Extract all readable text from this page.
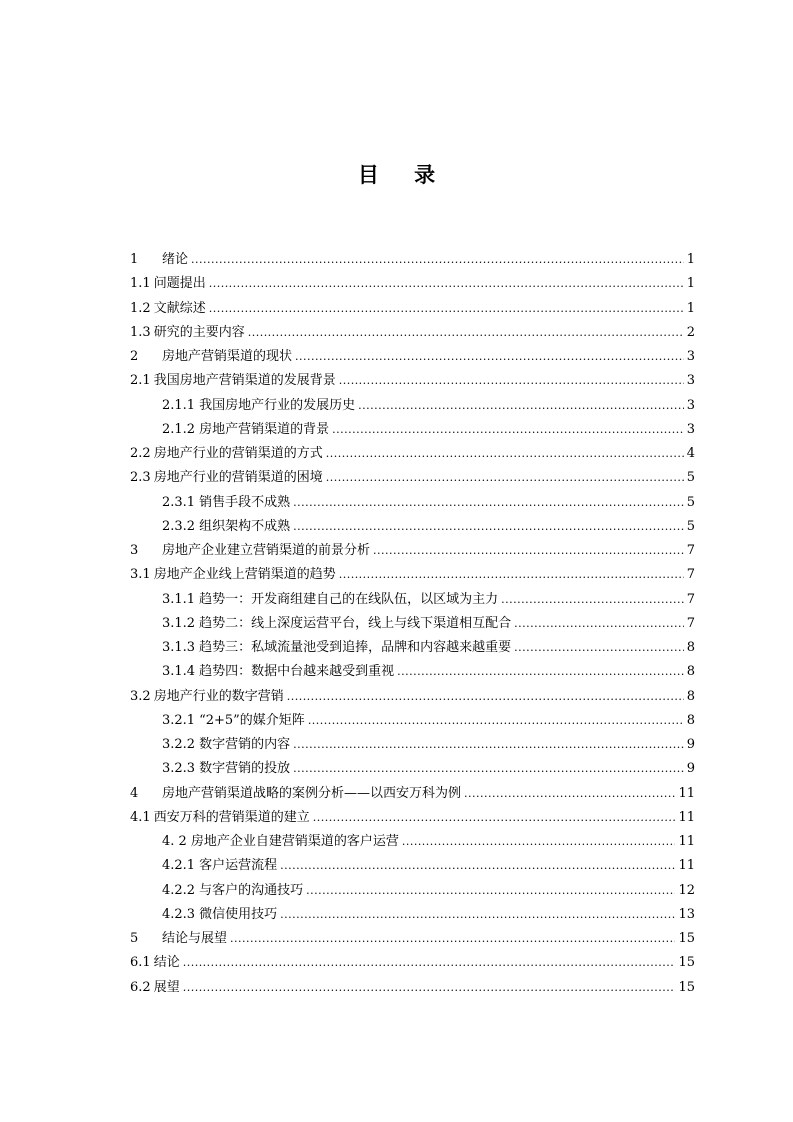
目 录
1 绪论 .....	1
1.1 问题提出 .....	1
1.2 文献综述 .....	1
1.3 研究的主要内容 .....	2
2 房地产营销渠道的现状 .....	3
2.1 我国房地产营销渠道的发展背景 .....	3
2.1.1 我国房地产行业的发展历史 .....	3
2.1.2 房地产营销渠道的背景 .....	3
2.2 房地产行业的营销渠道的方式 .....	4
2.3 房地产行业的营销渠道的困境 .....	5
2.3.1 销售手段不成熟 .....	5
2.3.2 组织架构不成熟 .....	5
3 房地产企业建立营销渠道的前景分析 .....	7
3.1 房地产企业线上营销渠道的趋势 .....	7
3.1.1 趋势一：开发商组建自己的在线队伍，以区域为主力 .....	7
3.1.2 趋势二：线上深度运营平台，线上与线下渠道相互配合 .....	7
3.1.3 趋势三：私域流量池受到追捧，品牌和内容越来越重要 .....	8
3.1.4 趋势四：数据中台越来越受到重视 .....	8
3.2 房地产行业的数字营销 .....	8
3.2.1 “2+5”的媒介矩阵 .....	8
3.2.2 数字营销的内容 .....	9
3.2.3 数字营销的投放 .....	9
4 房地产营销渠道战略的案例分析——以西安万科为例 .....	11
4.1 西安万科的营销渠道的建立 .....	11
4. 2 房地产企业自建营销渠道的客户运营 .....	11
4.2.1 客户运营流程 .....	11
4.2.2 与客户的沟通技巧 .....	12
4.2.3 微信使用技巧 .....	13
5 结论与展望 .....	15
6.1 结论 .....	15
6.2 展望 .....	15
